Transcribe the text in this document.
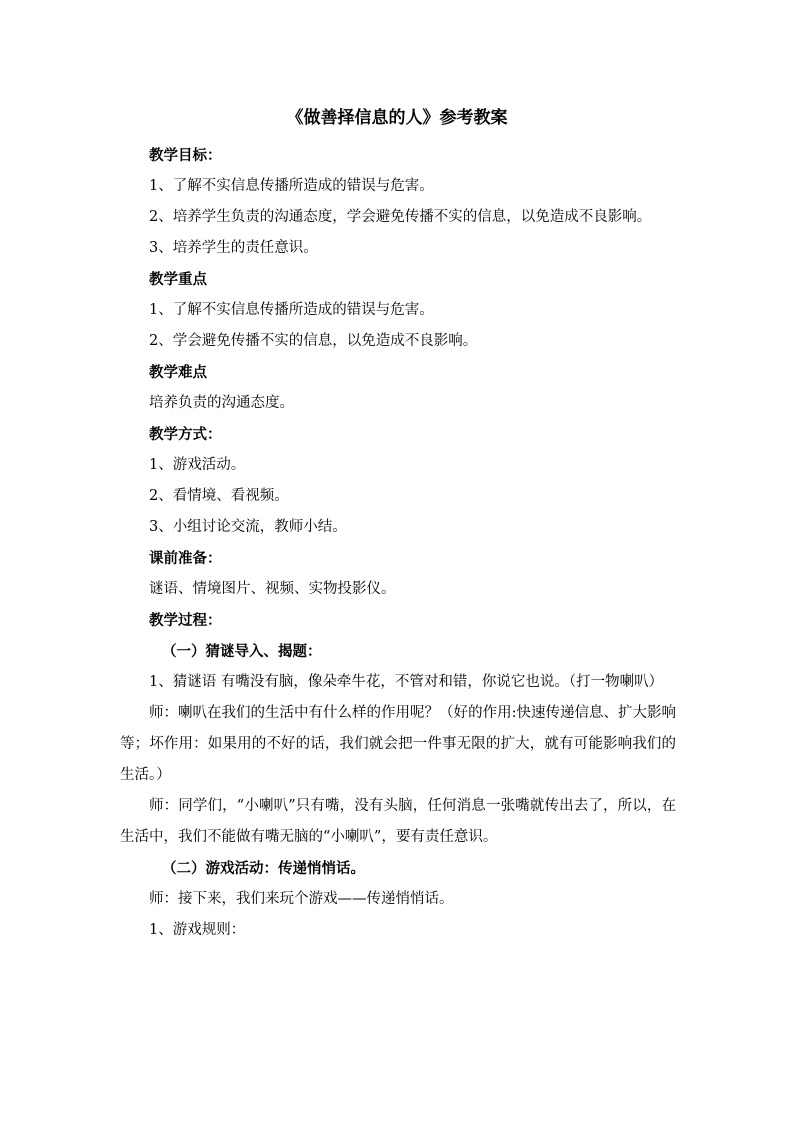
《做善择信息的人》参考教案

教学目标：

1、了解不实信息传播所造成的错误与危害。

2、培养学生负责的沟通态度，学会避免传播不实的信息，以免造成不良影响。

3、培养学生的责任意识。

教学重点

1、了解不实信息传播所造成的错误与危害。

2、学会避免传播不实的信息，以免造成不良影响。

教学难点

培养负责的沟通态度。

教学方式：

1、游戏活动。

2、看情境、看视频。

3、小组讨论交流，教师小结。

课前准备：

谜语、情境图片、视频、实物投影仪。

教学过程：

（一）猜谜导入、揭题：

1、猜谜语 有嘴没有脑，像朵牵牛花，不管对和错，你说它也说。（打一物喇叭）

师：喇叭在我们的生活中有什么样的作用呢？（好的作用:快速传递信息、扩大影响等；坏作用：如果用的不好的话，我们就会把一件事无限的扩大，就有可能影响我们的生活。）

师：同学们，“小喇叭”只有嘴，没有头脑，任何消息一张嘴就传出去了，所以，在生活中，我们不能做有嘴无脑的“小喇叭”，要有责任意识。

（二）游戏活动：传递悄悄话。

师：接下来，我们来玩个游戏——传递悄悄话。

1、游戏规则：
